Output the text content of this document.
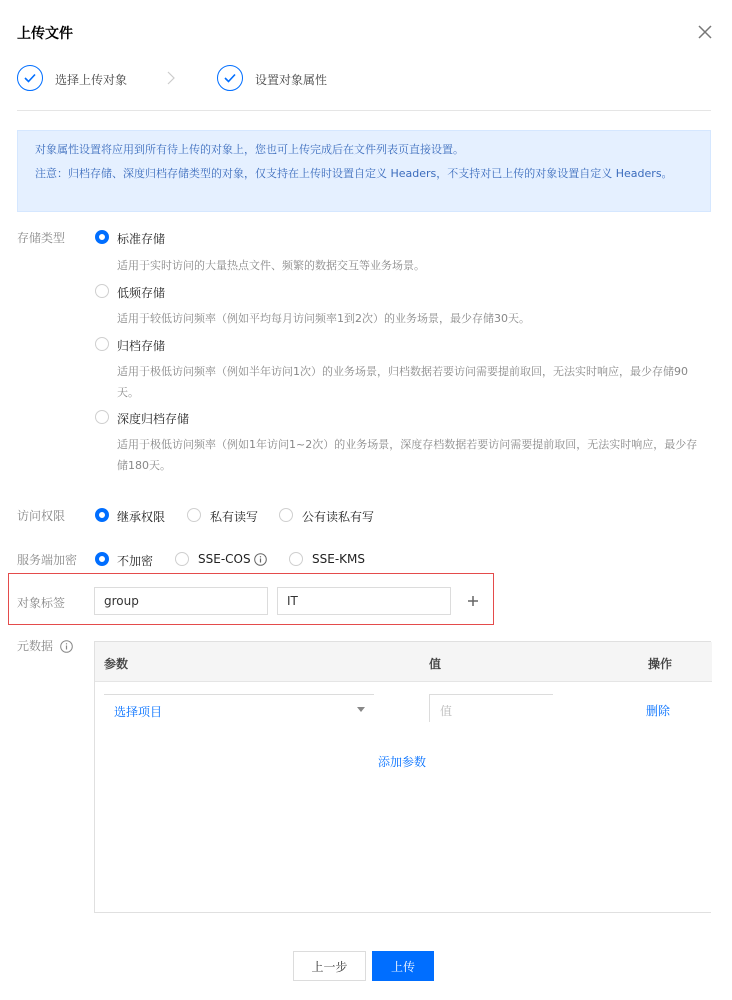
上传文件
选择上传对象	设置对象属性
对象属性设置将应用到所有待上传的对象上，您也可上传完成后在文件列表页直接设置。
注意：归档存储、深度归档存储类型的对象，仅支持在上传时设置自定义 Headers，不支持对已上传的对象设置自定义 Headers。
存储类型	标准存储
适用于实时访问的大量热点文件、频繁的数据交互等业务场景。
低频存储
适用于较低访问频率（例如平均每月访问频率1到2次）的业务场景，最少存储30天。
归档存储
适用于极低访问频率（例如半年访问1次）的业务场景，归档数据若要访问需要提前取回，无法实时响应，最少存储90天。
深度归档存储
适用于极低访问频率（例如1年访问1~2次）的业务场景，深度存档数据若要访问需要提前取回，无法实时响应，最少存储180天。
访问权限	继承权限	私有读写	公有读私有写
服务端加密	不加密	SSE-COS	SSE-KMS
对象标签	group	IT
元数据
参数	值	操作
选择项目	值	删除
添加参数
上一步	上传
